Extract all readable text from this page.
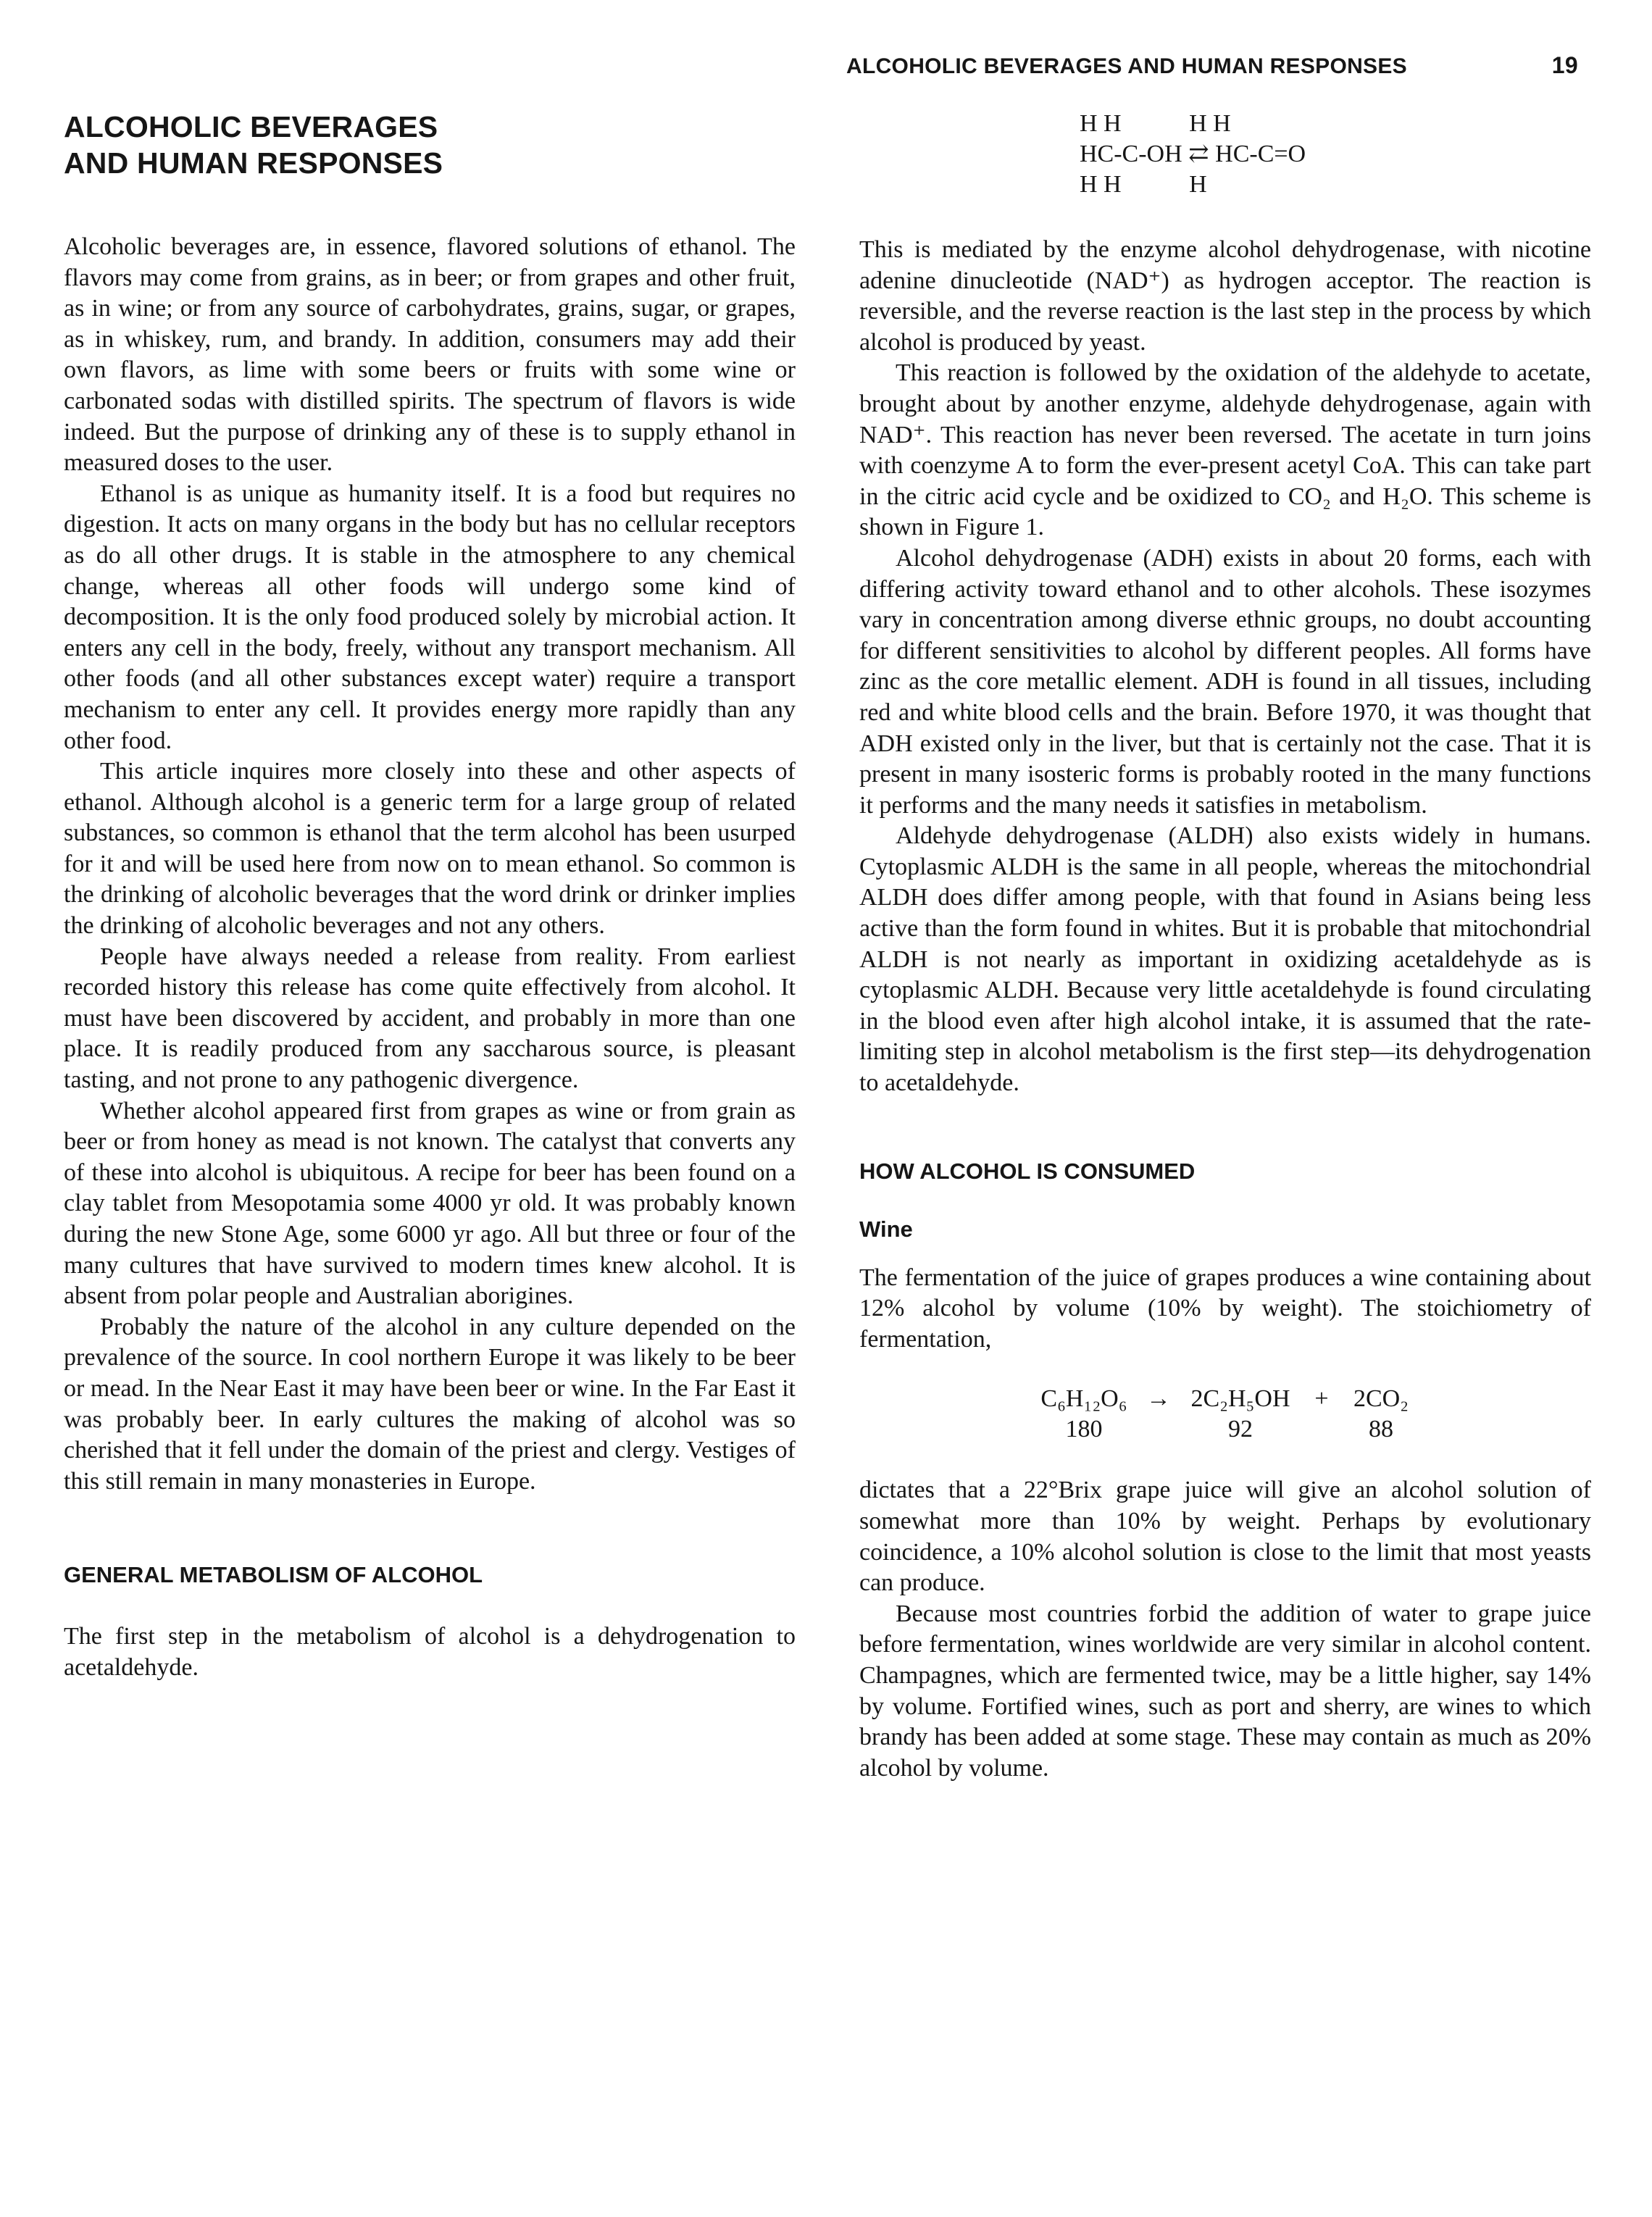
ALCOHOLIC BEVERAGES AND HUMAN RESPONSES	19
ALCOHOLIC BEVERAGES
AND HUMAN RESPONSES

Alcoholic beverages are, in essence, flavored solutions of ethanol. The flavors may come from grains, as in beer; or from grapes and other fruit, as in wine; or from any source of carbohydrates, grains, sugar, or grapes, as in whiskey, rum, and brandy. In addition, consumers may add their own flavors, as lime with some beers or fruits with some wine or carbonated sodas with distilled spirits. The spectrum of flavors is wide indeed. But the purpose of drinking any of these is to supply ethanol in measured doses to the user.

Ethanol is as unique as humanity itself. It is a food but requires no digestion. It acts on many organs in the body but has no cellular receptors as do all other drugs. It is stable in the atmosphere to any chemical change, whereas all other foods will undergo some kind of decomposition. It is the only food produced solely by microbial action. It enters any cell in the body, freely, without any transport mechanism. All other foods (and all other substances except water) require a transport mechanism to enter any cell. It provides energy more rapidly than any other food.

This article inquires more closely into these and other aspects of ethanol. Although alcohol is a generic term for a large group of related substances, so common is ethanol that the term alcohol has been usurped for it and will be used here from now on to mean ethanol. So common is the drinking of alcoholic beverages that the word drink or drinker implies the drinking of alcoholic beverages and not any others.

People have always needed a release from reality. From earliest recorded history this release has come quite effectively from alcohol. It must have been discovered by accident, and probably in more than one place. It is readily produced from any saccharous source, is pleasant tasting, and not prone to any pathogenic divergence.

Whether alcohol appeared first from grapes as wine or from grain as beer or from honey as mead is not known. The catalyst that converts any of these into alcohol is ubiquitous. A recipe for beer has been found on a clay tablet from Mesopotamia some 4000 yr old. It was probably known during the new Stone Age, some 6000 yr ago. All but three or four of the many cultures that have survived to modern times knew alcohol. It is absent from polar people and Australian aborigines.

Probably the nature of the alcohol in any culture depended on the prevalence of the source. In cool northern Europe it was likely to be beer or mead. In the Near East it may have been beer or wine. In the Far East it was probably beer. In early cultures the making of alcohol was so cherished that it fell under the domain of the priest and clergy. Vestiges of this still remain in many monasteries in Europe.

GENERAL METABOLISM OF ALCOHOL

The first step in the metabolism of alcohol is a dehydrogenation to acetaldehyde.

H H           H H
HC-C-OH ⇄ HC-C=O
H H           H

This is mediated by the enzyme alcohol dehydrogenase, with nicotine adenine dinucleotide (NAD⁺) as hydrogen acceptor. The reaction is reversible, and the reverse reaction is the last step in the process by which alcohol is produced by yeast.

This reaction is followed by the oxidation of the aldehyde to acetate, brought about by another enzyme, aldehyde dehydrogenase, again with NAD⁺. This reaction has never been reversed. The acetate in turn joins with coenzyme A to form the ever-present acetyl CoA. This can take part in the citric acid cycle and be oxidized to CO₂ and H₂O. This scheme is shown in Figure 1.

Alcohol dehydrogenase (ADH) exists in about 20 forms, each with differing activity toward ethanol and to other alcohols. These isozymes vary in concentration among diverse ethnic groups, no doubt accounting for different sensitivities to alcohol by different peoples. All forms have zinc as the core metallic element. ADH is found in all tissues, including red and white blood cells and the brain. Before 1970, it was thought that ADH existed only in the liver, but that is certainly not the case. That it is present in many isosteric forms is probably rooted in the many functions it performs and the many needs it satisfies in metabolism.

Aldehyde dehydrogenase (ALDH) also exists widely in humans. Cytoplasmic ALDH is the same in all people, whereas the mitochondrial ALDH does differ among people, with that found in Asians being less active than the form found in whites. But it is probable that mitochondrial ALDH is not nearly as important in oxidizing acetaldehyde as is cytoplasmic ALDH. Because very little acetaldehyde is found circulating in the blood even after high alcohol intake, it is assumed that the rate-limiting step in alcohol metabolism is the first step—its dehydrogenation to acetaldehyde.

HOW ALCOHOL IS CONSUMED
Wine

The fermentation of the juice of grapes produces a wine containing about 12% alcohol by volume (10% by weight). The stoichiometry of fermentation,

C₆H₁₂O₆ → 2C₂H₅OH +	2CO₂
180	92	88

dictates that a 22°Brix grape juice will give an alcohol solution of somewhat more than 10% by weight. Perhaps by evolutionary coincidence, a 10% alcohol solution is close to the limit that most yeasts can produce.

Because most countries forbid the addition of water to grape juice before fermentation, wines worldwide are very similar in alcohol content. Champagnes, which are fermented twice, may be a little higher, say 14% by volume. Fortified wines, such as port and sherry, are wines to which brandy has been added at some stage. These may contain as much as 20% alcohol by volume.
